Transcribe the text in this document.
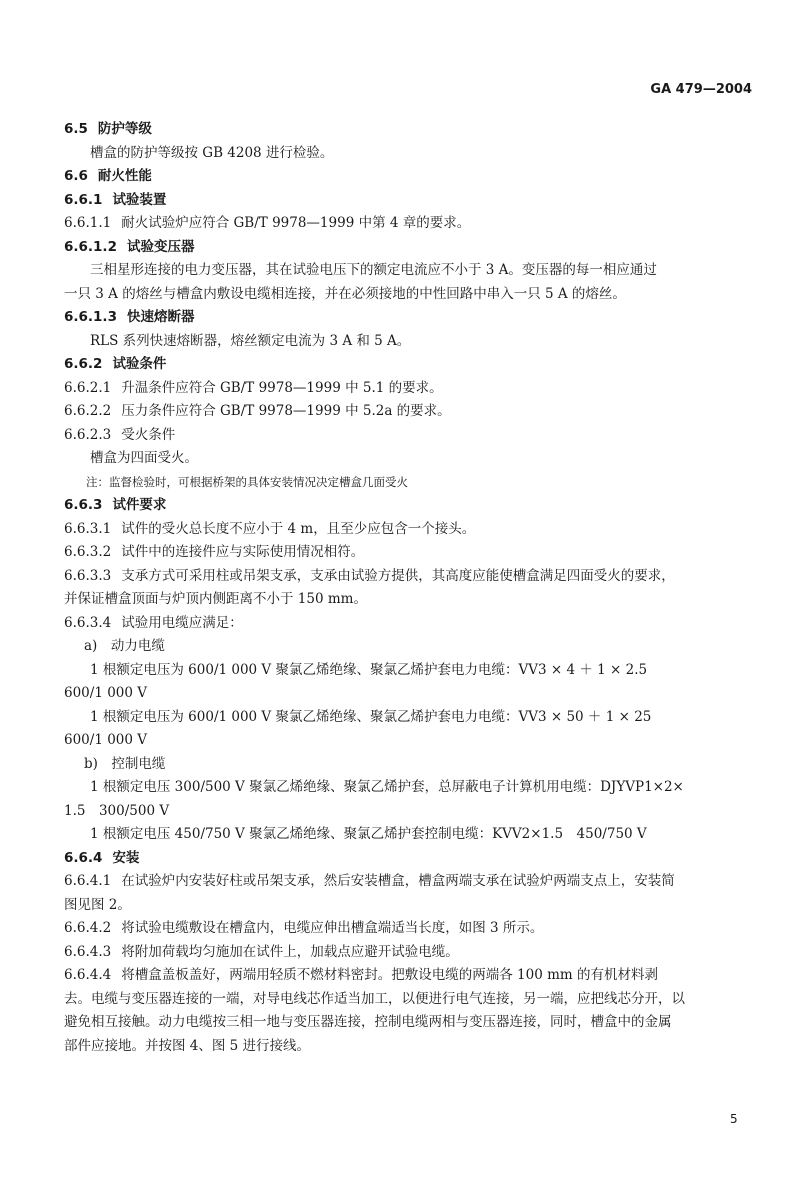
GA 479—2004
6.5 防护等级
槽盒的防护等级按 GB 4208 进行检验。
6.6 耐火性能
6.6.1 试验装置
6.6.1.1 耐火试验炉应符合 GB/T 9978—1999 中第 4 章的要求。
6.6.1.2 试验变压器
三相星形连接的电力变压器，其在试验电压下的额定电流应不小于 3 A。变压器的每一相应通过
一只 3 A 的熔丝与槽盒内敷设电缆相连接，并在必须接地的中性回路中串入一只 5 A 的熔丝。
6.6.1.3 快速熔断器
RLS 系列快速熔断器，熔丝额定电流为 3 A 和 5 A。
6.6.2 试验条件
6.6.2.1 升温条件应符合 GB/T 9978—1999 中 5.1 的要求。
6.6.2.2 压力条件应符合 GB/T 9978—1999 中 5.2a 的要求。
6.6.2.3 受火条件
槽盒为四面受火。
注：监督检验时，可根据桥架的具体安装情况决定槽盒几面受火
6.6.3 试件要求
6.6.3.1 试件的受火总长度不应小于 4 m，且至少应包含一个接头。
6.6.3.2 试件中的连接件应与实际使用情况相符。
6.6.3.3 支承方式可采用柱或吊架支承，支承由试验方提供，其高度应能使槽盒满足四面受火的要求，
并保证槽盒顶面与炉顶内侧距离不小于 150 mm。
6.6.3.4 试验用电缆应满足：
a)　动力电缆
1 根额定电压为 600/1 000 V 聚氯乙烯绝缘、聚氯乙烯护套电力电缆：VV3 × 4 ＋ 1 × 2.5
600/1 000 V
1 根额定电压为 600/1 000 V 聚氯乙烯绝缘、聚氯乙烯护套电力电缆：VV3 × 50 ＋ 1 × 25
600/1 000 V
b)　控制电缆
1 根额定电压 300/500 V 聚氯乙烯绝缘、聚氯乙烯护套，总屏蔽电子计算机用电缆：DJYVP1×2×
1.5　300/500 V
1 根额定电压 450/750 V 聚氯乙烯绝缘、聚氯乙烯护套控制电缆：KVV2×1.5　450/750 V
6.6.4 安装
6.6.4.1 在试验炉内安装好柱或吊架支承，然后安装槽盒，槽盒两端支承在试验炉两端支点上，安装简
图见图 2。
6.6.4.2 将试验电缆敷设在槽盒内，电缆应伸出槽盒端适当长度，如图 3 所示。
6.6.4.3 将附加荷载均匀施加在试件上，加载点应避开试验电缆。
6.6.4.4 将槽盒盖板盖好，两端用轻质不燃材料密封。把敷设电缆的两端各 100 mm 的有机材料剥
去。电缆与变压器连接的一端，对导电线芯作适当加工，以便进行电气连接，另一端，应把线芯分开，以
避免相互接触。动力电缆按三相一地与变压器连接，控制电缆两相与变压器连接，同时，槽盒中的金属
部件应接地。并按图 4、图 5 进行接线。
5
